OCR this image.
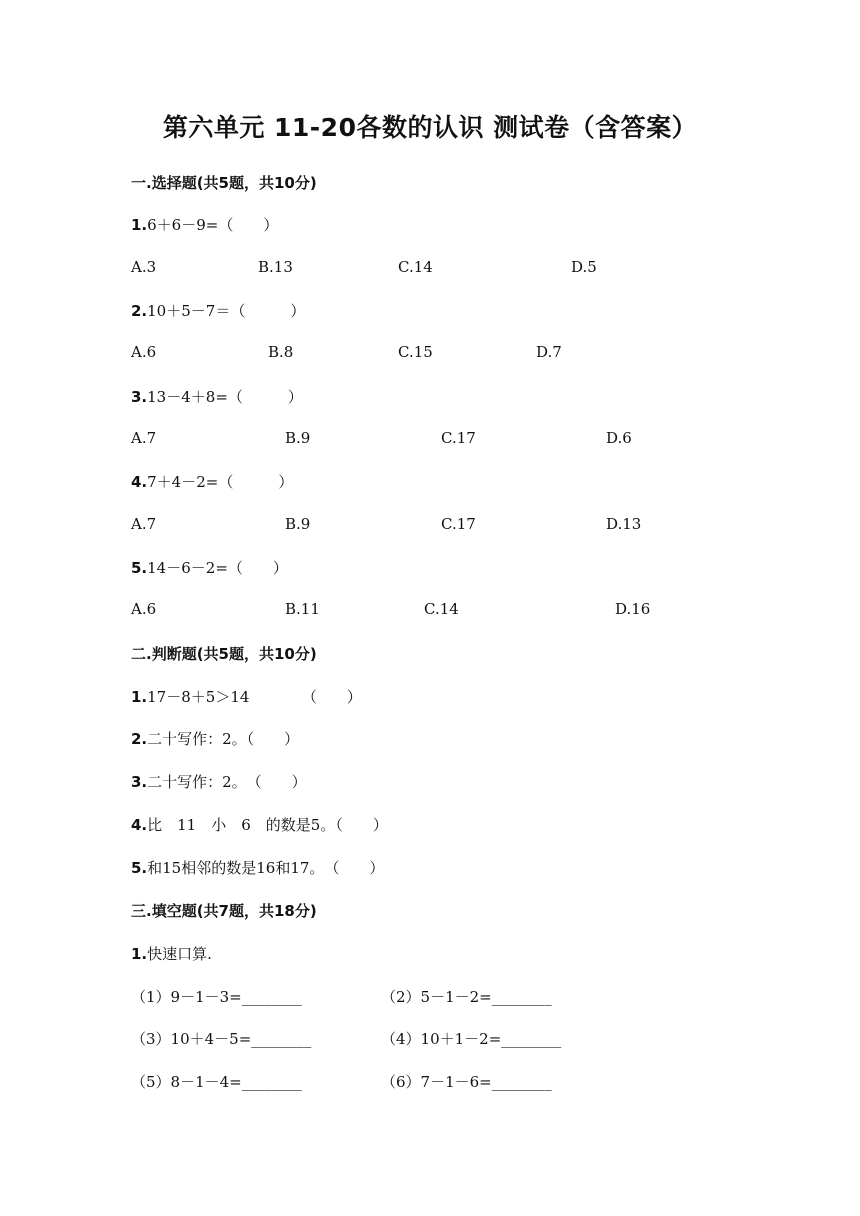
第六单元 11-20各数的认识 测试卷（含答案）
一.选择题(共5题，共10分)
1.6＋6－9=（　　）
A.3	B.13	C.14	D.5
2.10＋5－7＝（　　　）
A.6	B.8	C.15	D.7
3.13－4＋8=（　　　）
A.7	B.9	C.17	D.6
4.7＋4－2=（　　　）
A.7	B.9	C.17	D.13
5.14－6－2=（　　）
A.6	B.11	C.14	D.16
二.判断题(共5题，共10分)
1.17－8＋5＞14　　　　（　　）
2.二十写作：2。（　　）
3.二十写作：2。　（　　）
4.比　11　小　6　的数是5。（　　）
5.和15相邻的数是16和17。　（　　）
三.填空题(共7题，共18分)
1.快速口算.
（1）9－1－3=________	（2）5－1－2=________
（3）10＋4－5=________	（4）10＋1－2=________
（5）8－1－4=________	（6）7－1－6=________
